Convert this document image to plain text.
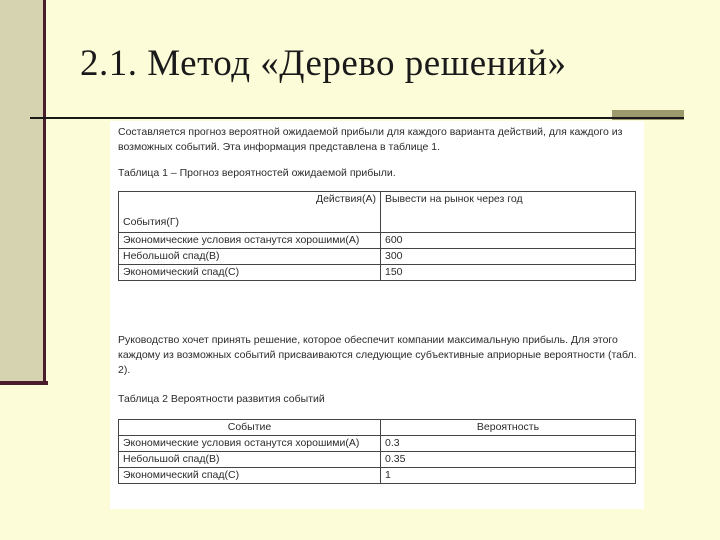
2.1. Метод «Дерево решений»
Составляется прогноз вероятной ожидаемой прибыли для каждого варианта действий, для каждого из возможных событий. Эта информация представлена в таблице 1.
Таблица 1 – Прогноз вероятностей ожидаемой прибыли.
Действия(А)
События(Г)	Вывести на рынок через год
Экономические условия останутся хорошими(А)	600
Небольшой спад(В)	300
Экономический спад(С)	150
Руководство хочет принять решение, которое обеспечит компании максимальную прибыль. Для этого каждому из возможных событий присваиваются следующие субъективные априорные вероятности (табл. 2).
Таблица 2 Вероятности развития событий
Событие	Вероятность
Экономические условия останутся хорошими(А)	0.3
Небольшой спад(В)	0.35
Экономический спад(С)	1
